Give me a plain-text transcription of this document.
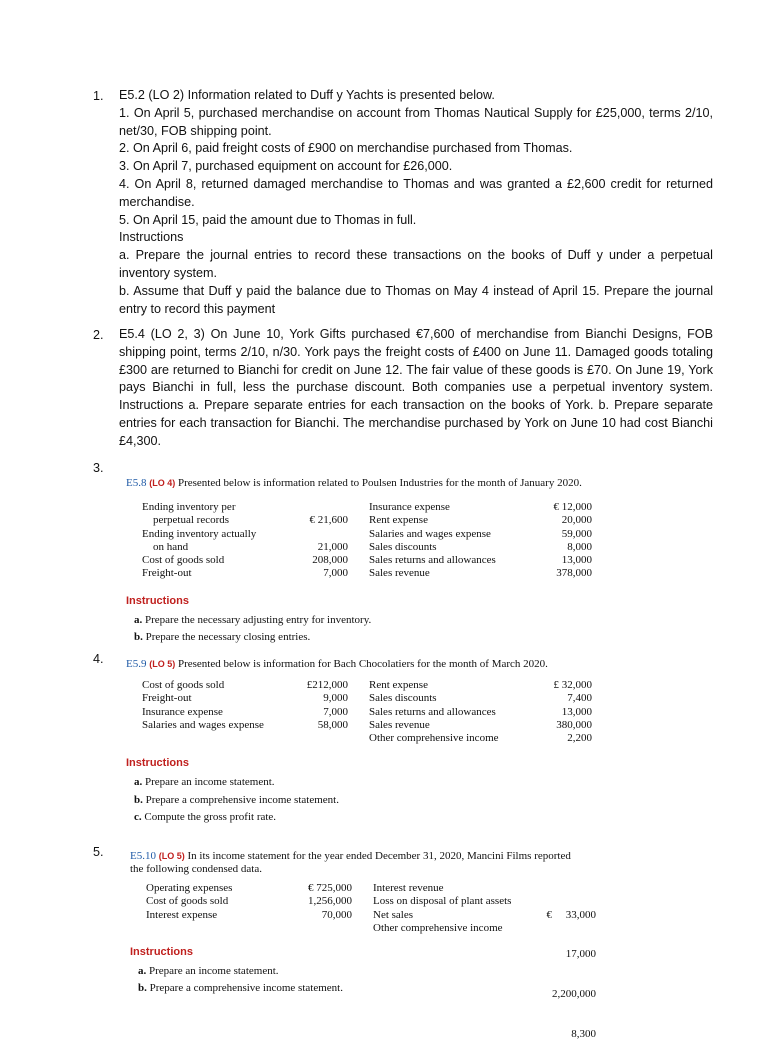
1. E5.2 (LO 2) Information related to Duff y Yachts is presented below.

1. On April 5, purchased merchandise on account from Thomas Nautical Supply for £25,000, terms 2/10, net/30, FOB shipping point.

2. On April 6, paid freight costs of £900 on merchandise purchased from Thomas.

3. On April 7, purchased equipment on account for £26,000.

4. On April 8, returned damaged merchandise to Thomas and was granted a £2,600 credit for returned merchandise.

5. On April 15, paid the amount due to Thomas in full.

Instructions

a. Prepare the journal entries to record these transactions on the books of Duff y under a perpetual inventory system.

b. Assume that Duff y paid the balance due to Thomas on May 4 instead of April 15. Prepare the journal entry to record this payment

2. E5.4 (LO 2, 3) On June 10, York Gifts purchased €7,600 of merchandise from Bianchi Designs, FOB shipping point, terms 2/10, n/30. York pays the freight costs of £400 on June 11. Damaged goods totaling £300 are returned to Bianchi for credit on June 12. The fair value of these goods is £70. On June 19, York pays Bianchi in full, less the purchase discount. Both companies use a perpetual inventory system. Instructions a. Prepare separate entries for each transaction on the books of York. b. Prepare separate entries for each transaction for Bianchi. The merchandise purchased by York on June 10 had cost Bianchi £4,300.

3.
E5.8 (LO 4) Presented below is information related to Poulsen Industries for the month of January 2020.
Ending inventory per
perpetual records
Ending inventory actually
on hand
Cost of goods sold
Freight-out

€ 21,600

21,000
208,000
7,000
Insurance expense
Rent expense
Salaries and wages expense
Sales discounts
Sales returns and allowances
Sales revenue
€ 12,000
20,000
59,000
8,000
13,000
378,000
Instructions
a. Prepare the necessary adjusting entry for inventory.
b. Prepare the necessary closing entries.
4. E5.9 (LO 5) Presented below is information for Bach Chocolatiers for the month of March 2020.
Cost of goods sold
Freight-out
Insurance expense
Salaries and wages expense
£212,000
9,000
7,000
58,000
Rent expense
Sales discounts
Sales returns and allowances
Sales revenue
Other comprehensive income
£ 32,000
7,400
13,000
380,000
2,200
Instructions
a. Prepare an income statement.
b. Prepare a comprehensive income statement.
c. Compute the gross profit rate.
5. E5.10 (LO 5) In its income statement for the year ended December 31, 2020, Mancini Films reported
the following condensed data.
Operating expenses
Cost of goods sold
Interest expense
€ 725,000
1,256,000
70,000
Interest revenue
Loss on disposal of plant assets
Net sales
Other comprehensive income

€     33,000

17,000

2,200,000

8,300

Instructions
a. Prepare an income statement.
b. Prepare a comprehensive income statement.
